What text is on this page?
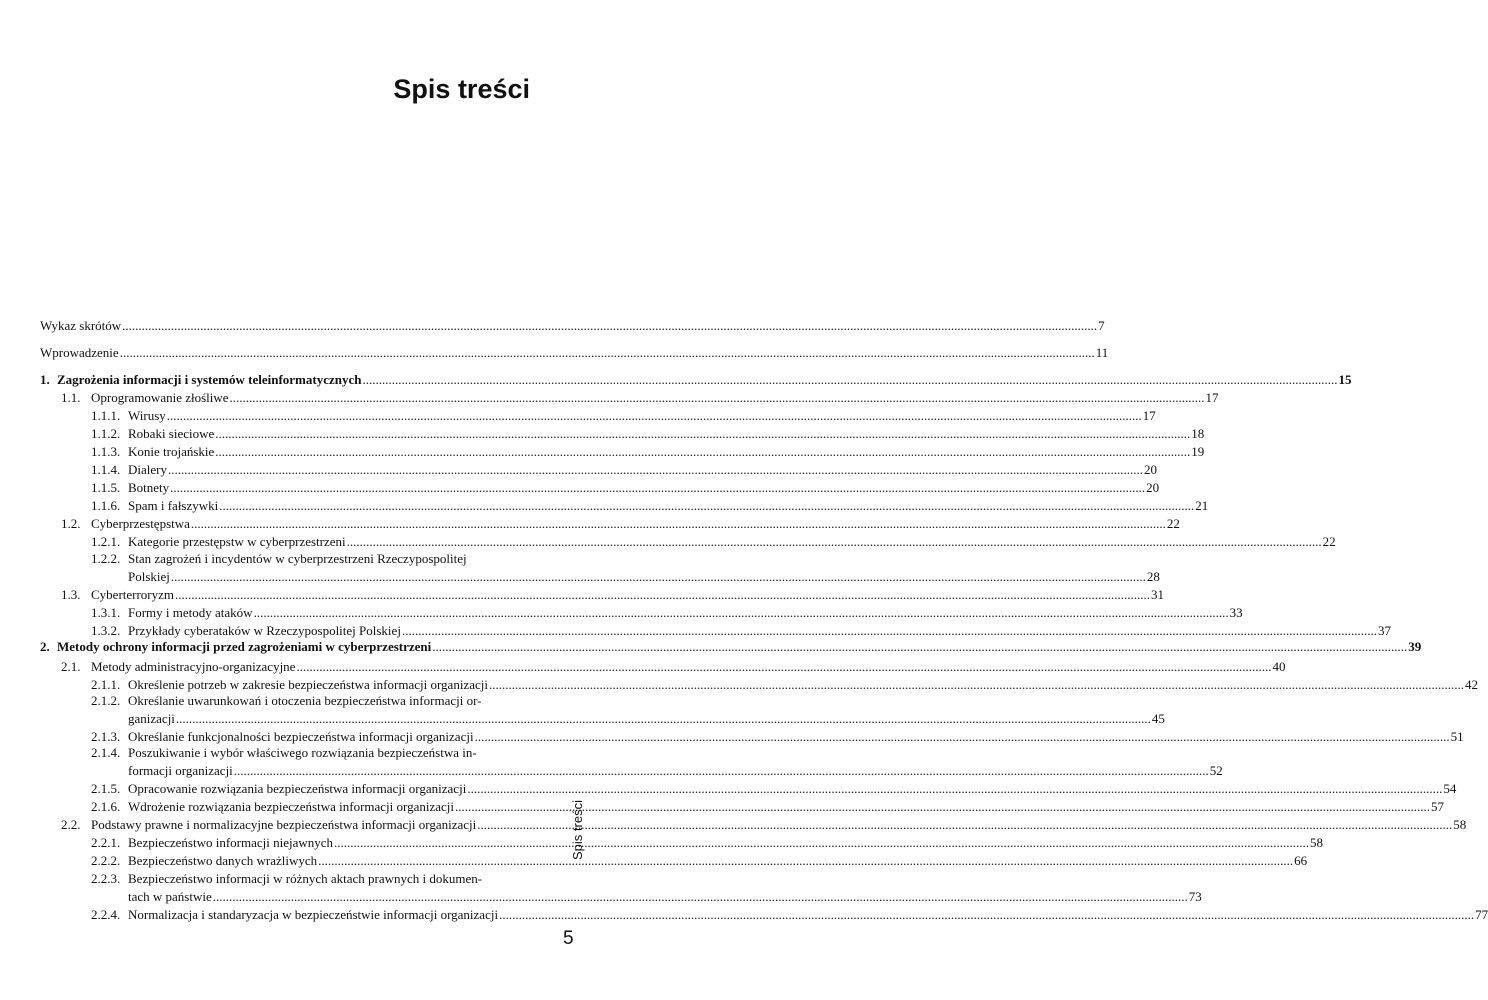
Spis treści
Wykaz skrótów ............................................................................................................................................................................................................................................................................................................ 7
Wprowadzenie ............................................................................................................................................................................................................................................................................................................ 11
1. Zagrożenia informacji i systemów teleinformatycznych ............................................................................................................................................................................................................................................................................................................ 15
1.1. Oprogramowanie złośliwe ............................................................................................................................................................................................................................................................................................................ 17
1.1.1. Wirusy ............................................................................................................................................................................................................................................................................................................ 17
1.1.2. Robaki sieciowe ............................................................................................................................................................................................................................................................................................................ 18
1.1.3. Konie trojańskie ............................................................................................................................................................................................................................................................................................................ 19
1.1.4. Dialery ............................................................................................................................................................................................................................................................................................................ 20
1.1.5. Botnety ............................................................................................................................................................................................................................................................................................................ 20
1.1.6. Spam i fałszywki ............................................................................................................................................................................................................................................................................................................ 21
1.2. Cyberprzestępstwa ............................................................................................................................................................................................................................................................................................................ 22
1.2.1. Kategorie przestępstw w cyberprzestrzeni ............................................................................................................................................................................................................................................................................................................ 22
1.2.2. Stan zagrożeń i incydentów w cyberprzestrzeni Rzeczypospolitej
Polskiej ............................................................................................................................................................................................................................................................................................................ 28
1.3. Cyberterroryzm ............................................................................................................................................................................................................................................................................................................ 31
1.3.1. Formy i metody ataków ............................................................................................................................................................................................................................................................................................................ 33
1.3.2. Przykłady cyberataków w Rzeczypospolitej Polskiej ............................................................................................................................................................................................................................................................................................................ 37
2. Metody ochrony informacji przed zagrożeniami w cyberprzestrzeni ............................................................................................................................................................................................................................................................................................................ 39
2.1. Metody administracyjno-organizacyjne ............................................................................................................................................................................................................................................................................................................ 40
2.1.1. Określenie potrzeb w zakresie bezpieczeństwa informacji organizacji ............................................................................................................................................................................................................................................................................................................ 42
2.1.2. Określanie uwarunkowań i otoczenia bezpieczeństwa informacji or-
ganizacji ............................................................................................................................................................................................................................................................................................................ 45
2.1.3. Określanie funkcjonalności bezpieczeństwa informacji organizacji ............................................................................................................................................................................................................................................................................................................ 51
2.1.4. Poszukiwanie i wybór właściwego rozwiązania bezpieczeństwa in-
formacji organizacji ............................................................................................................................................................................................................................................................................................................ 52
2.1.5. Opracowanie rozwiązania bezpieczeństwa informacji organizacji ............................................................................................................................................................................................................................................................................................................ 54
2.1.6. Wdrożenie rozwiązania bezpieczeństwa informacji organizacji ............................................................................................................................................................................................................................................................................................................ 57
2.2. Podstawy prawne i normalizacyjne bezpieczeństwa informacji organizacji ............................................................................................................................................................................................................................................................................................................ 58
2.2.1. Bezpieczeństwo informacji niejawnych ............................................................................................................................................................................................................................................................................................................ 58
2.2.2. Bezpieczeństwo danych wrażliwych ............................................................................................................................................................................................................................................................................................................ 66
2.2.3. Bezpieczeństwo informacji w różnych aktach prawnych i dokumen-
tach w państwie ............................................................................................................................................................................................................................................................................................................ 73
2.2.4. Normalizacja i standaryzacja w bezpieczeństwie informacji organizacji ............................................................................................................................................................................................................................................................................................................ 77
Spis treści
5
